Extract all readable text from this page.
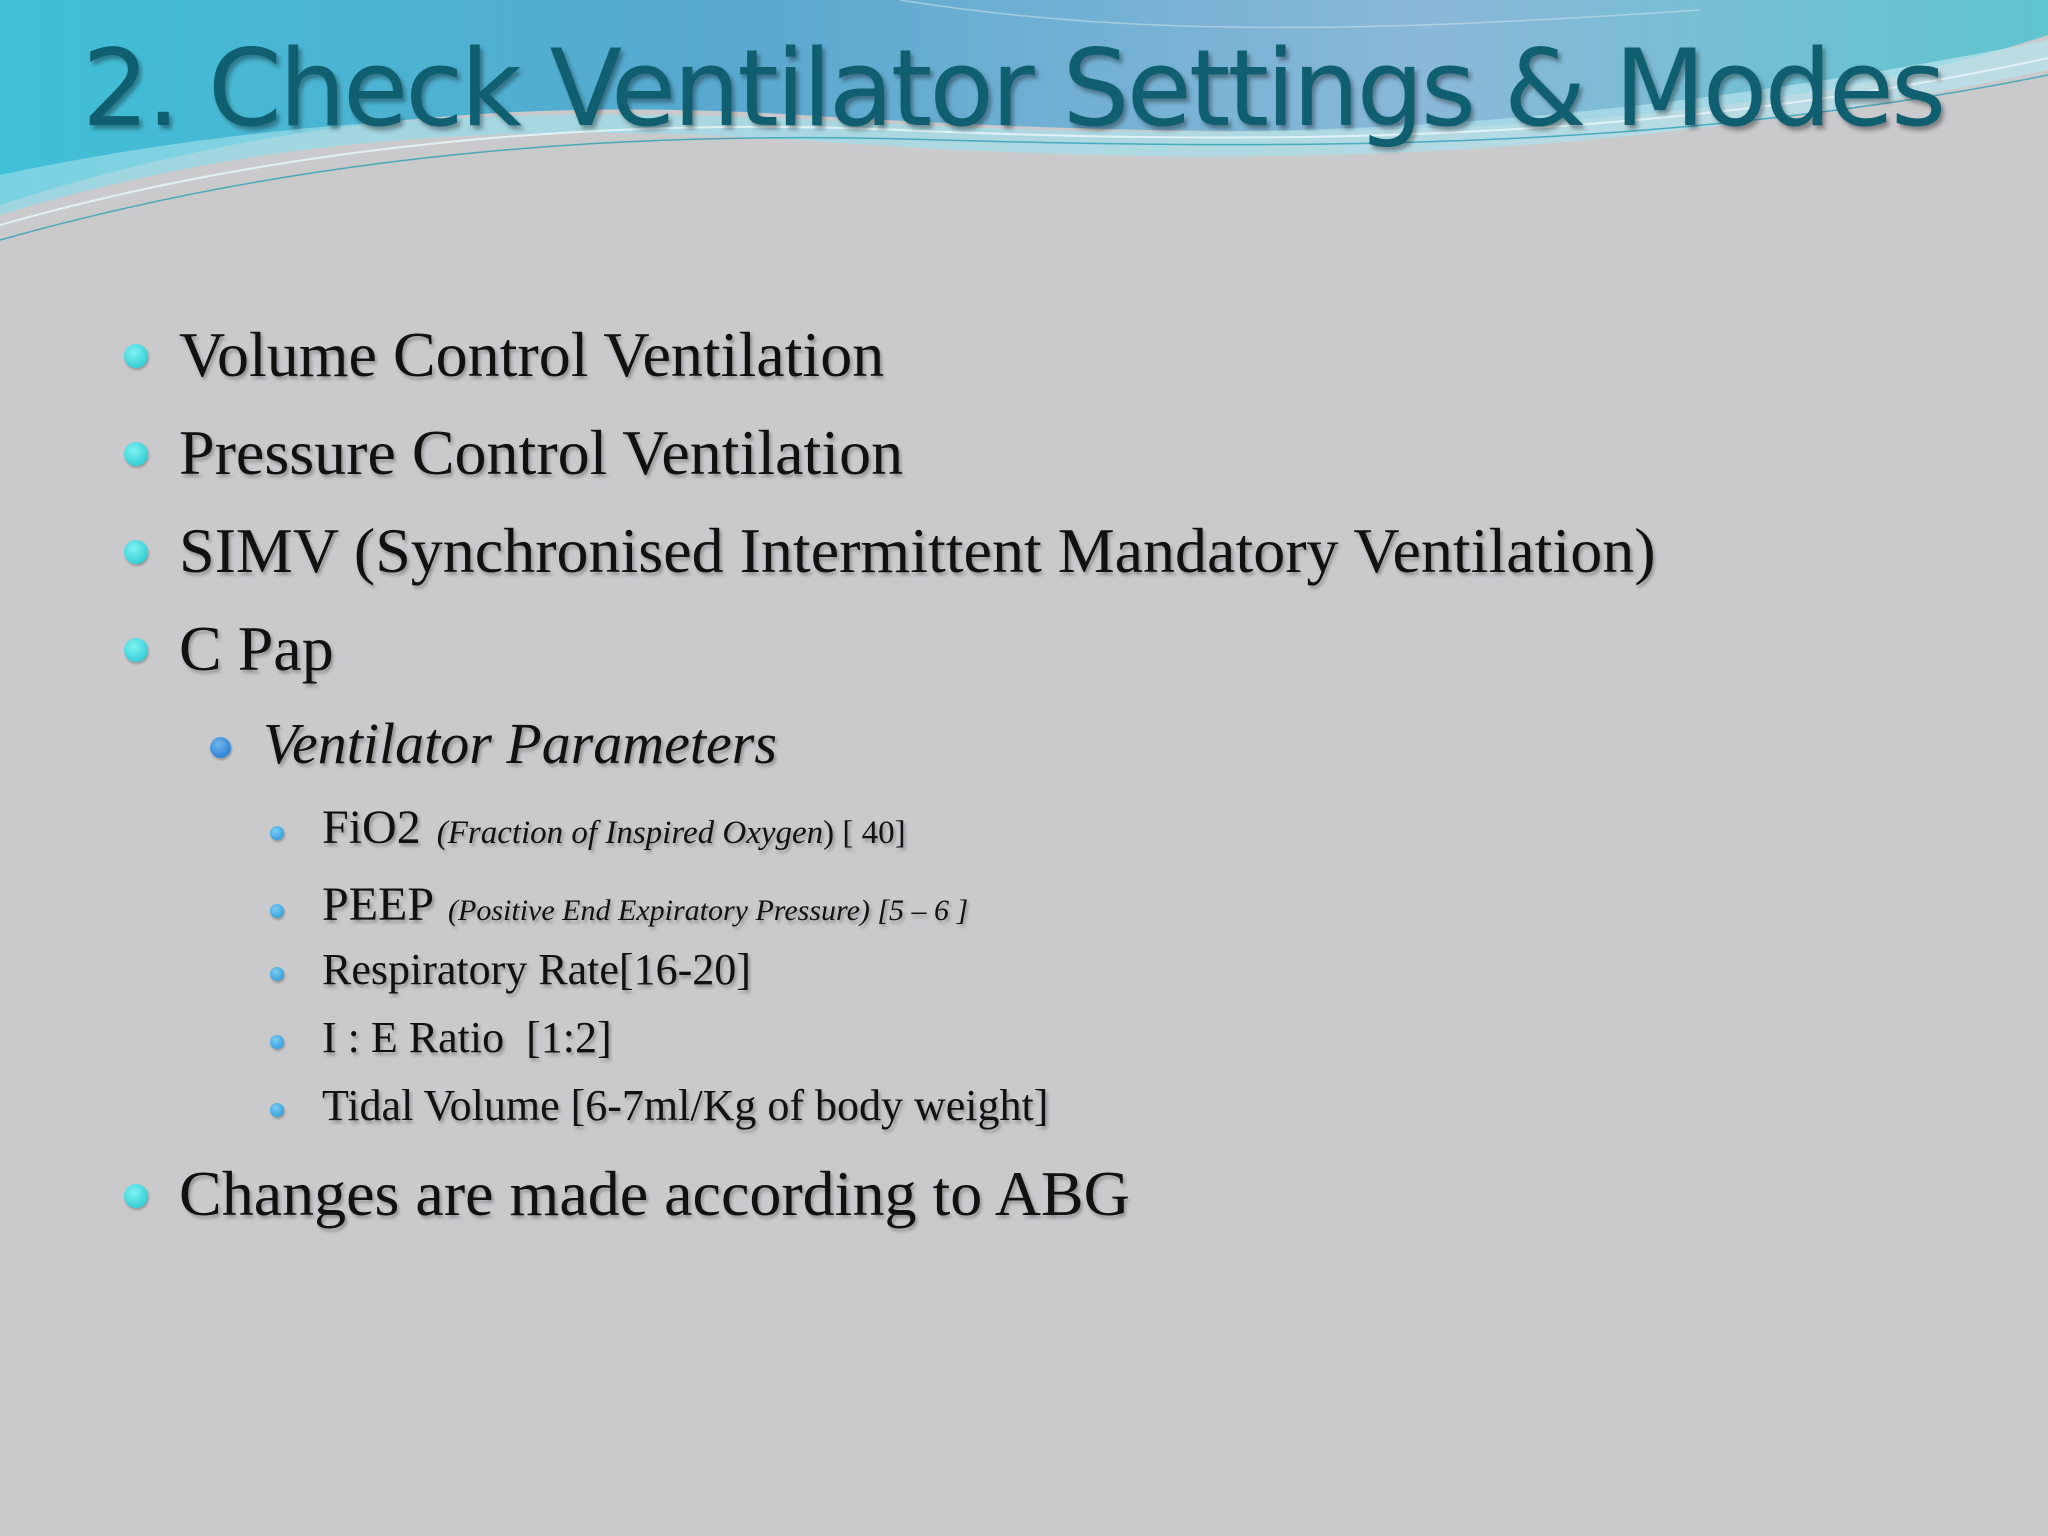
2. Check Ventilator Settings & Modes
Volume Control Ventilation
Pressure Control Ventilation
SIMV (Synchronised Intermittent Mandatory Ventilation)
C Pap
Ventilator Parameters
FiO2 (Fraction of Inspired Oxygen) [ 40]
PEEP (Positive End Expiratory Pressure) [5 – 6 ]
Respiratory Rate[16-20]
I : E Ratio  [1:2]
Tidal Volume [6-7ml/Kg of body weight]
Changes are made according to ABG
